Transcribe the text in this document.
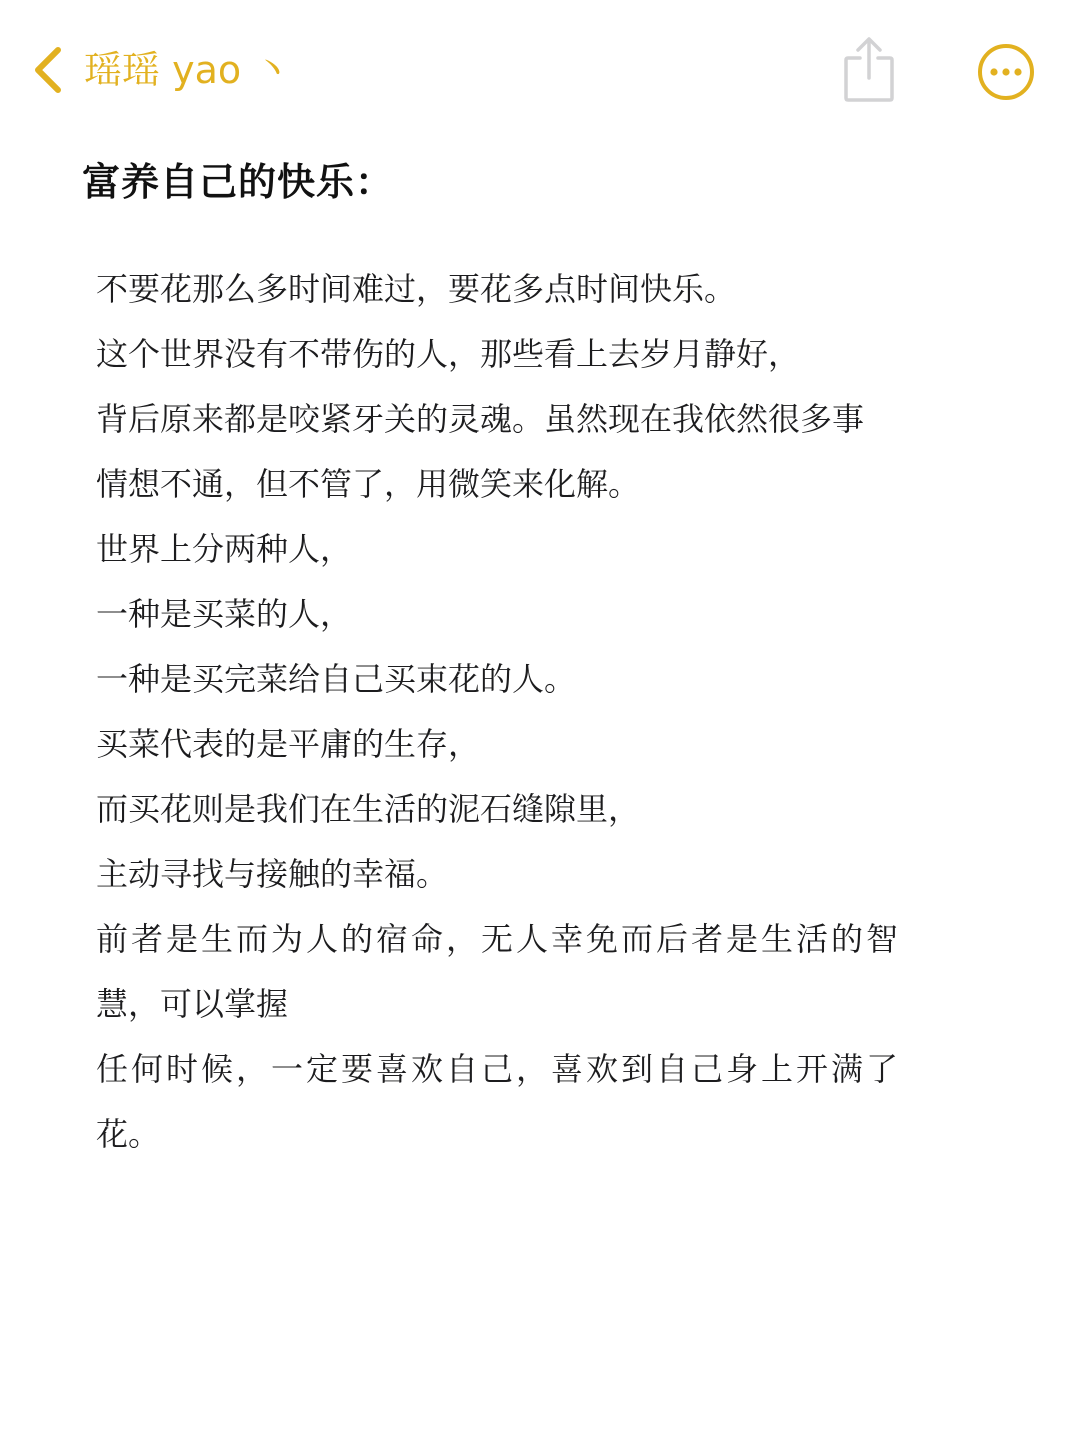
瑶瑶 yao 丶
富养自己的快乐：
不要花那么多时间难过，要花多点时间快乐。
这个世界没有不带伤的人，那些看上去岁月静好，
背后原来都是咬紧牙关的灵魂。虽然现在我依然很多事
情想不通，但不管了，用微笑来化解。
世界上分两种人，
一种是买菜的人，
一种是买完菜给自己买束花的人。
买菜代表的是平庸的生存，
而买花则是我们在生活的泥石缝隙里，
主动寻找与接触的幸福。
前者是生而为人的宿命，无人幸免而后者是生活的智
慧，可以掌握
任何时候，一定要喜欢自己，喜欢到自己身上开满了
花。
